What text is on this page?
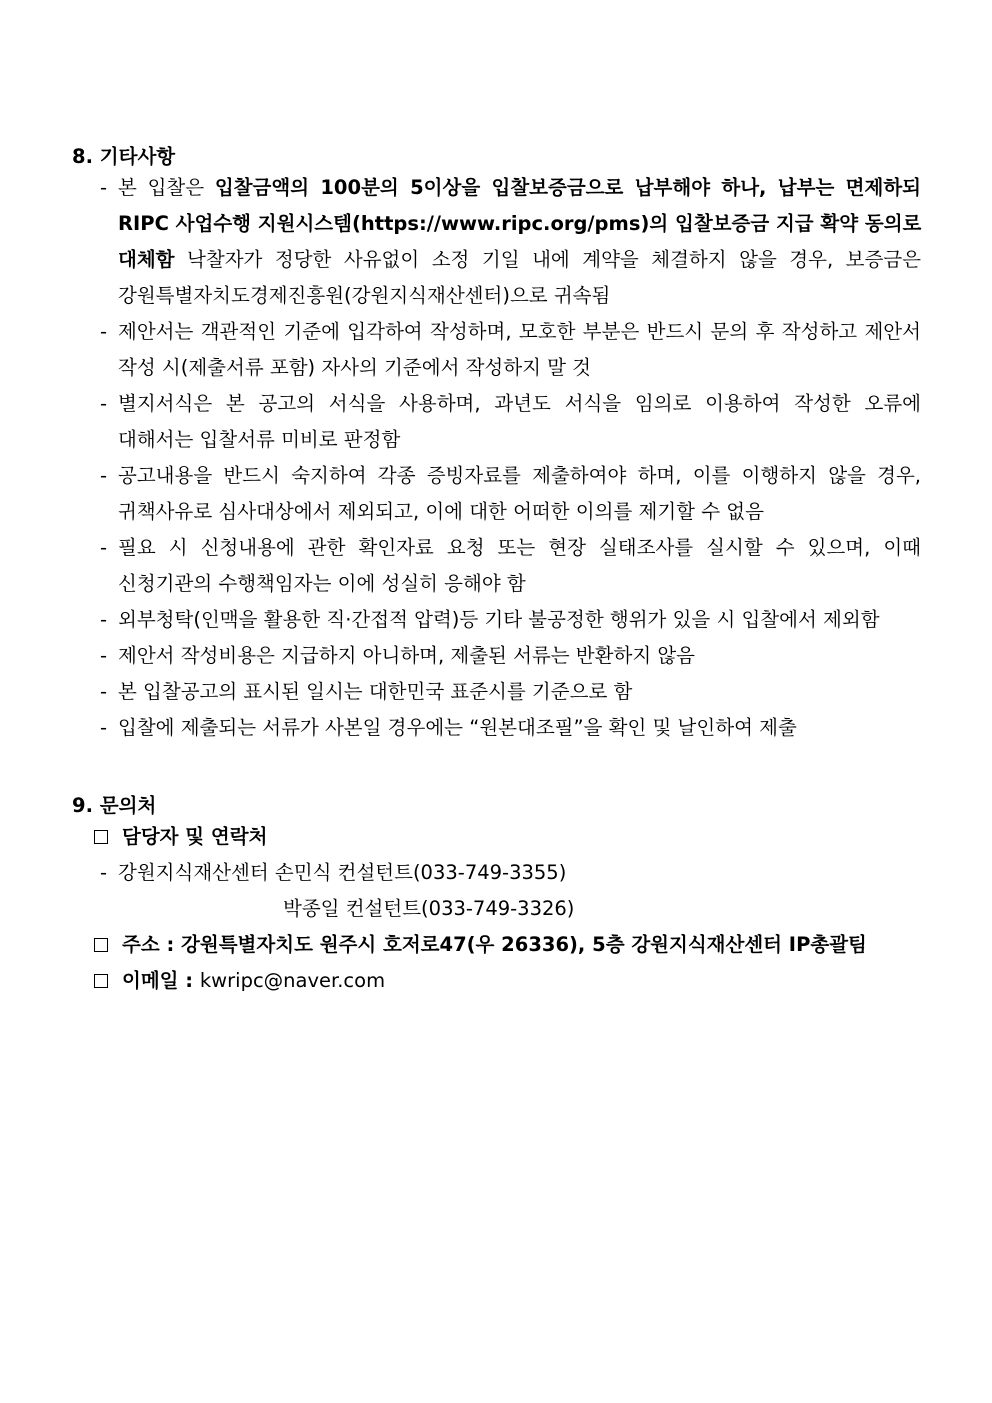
8. 기타사항
- 본 입찰은 입찰금액의 100분의 5이상을 입찰보증금으로 납부해야 하나, 납부는 면제하되
RIPC 사업수행 지원시스템(https://www.ripc.org/pms)의 입찰보증금 지급 확약 동의로
대체함 낙찰자가 정당한 사유없이 소정 기일 내에 계약을 체결하지 않을 경우, 보증금은
강원특별자치도경제진흥원(강원지식재산센터)으로 귀속됨
- 제안서는 객관적인 기준에 입각하여 작성하며, 모호한 부분은 반드시 문의 후 작성하고 제안서
작성 시(제출서류 포함) 자사의 기준에서 작성하지 말 것
- 별지서식은 본 공고의 서식을 사용하며, 과년도 서식을 임의로 이용하여 작성한 오류에
대해서는 입찰서류 미비로 판정함
- 공고내용을 반드시 숙지하여 각종 증빙자료를 제출하여야 하며, 이를 이행하지 않을 경우,
귀책사유로 심사대상에서 제외되고, 이에 대한 어떠한 이의를 제기할 수 없음
- 필요 시 신청내용에 관한 확인자료 요청 또는 현장 실태조사를 실시할 수 있으며, 이때
신청기관의 수행책임자는 이에 성실히 응해야 함
- 외부청탁(인맥을 활용한 직·간접적 압력)등 기타 불공정한 행위가 있을 시 입찰에서 제외함
- 제안서 작성비용은 지급하지 아니하며, 제출된 서류는 반환하지 않음
- 본 입찰공고의 표시된 일시는 대한민국 표준시를 기준으로 함
- 입찰에 제출되는 서류가 사본일 경우에는 “원본대조필”을 확인 및 날인하여 제출
9. 문의처
담당자 및 연락처
- 강원지식재산센터 손민식 컨설턴트(033-749-3355)
박종일 컨설턴트(033-749-3326)
주소 : 강원특별자치도 원주시 호저로47(우 26336), 5층 강원지식재산센터 IP총괄팀
이메일 : kwripc@naver.com
